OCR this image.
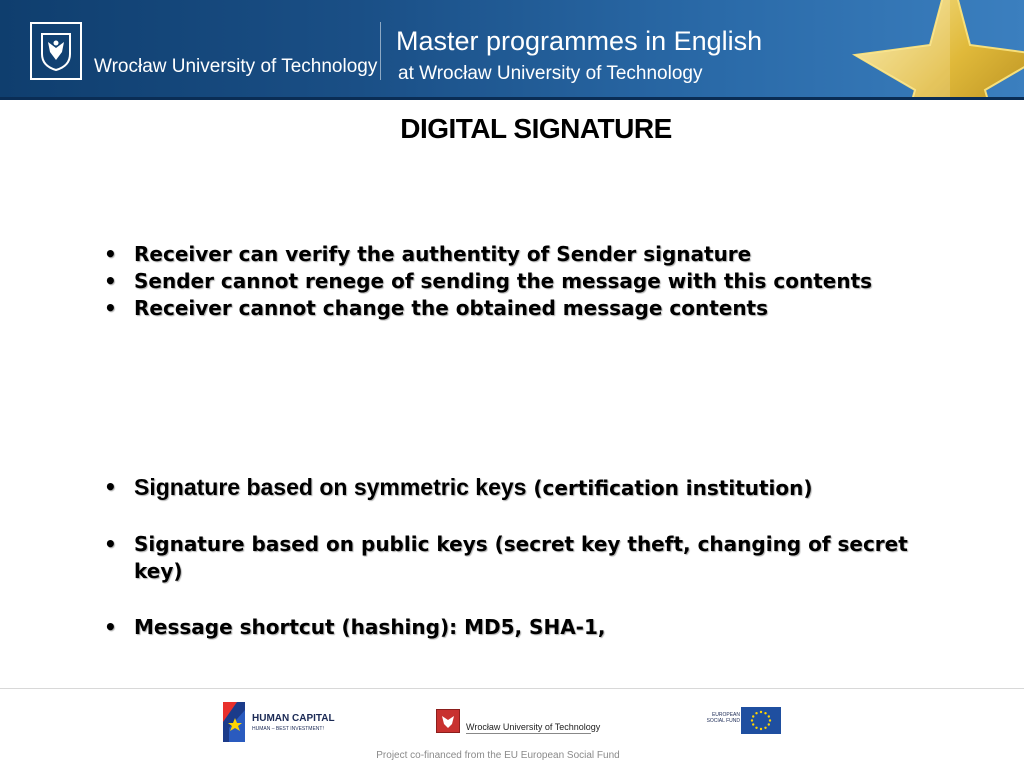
Wrocław University of Technology
Master programmes in English
at Wrocław University of Technology
DIGITAL SIGNATURE
• Receiver can verify the authentity of Sender signature
• Sender cannot renege of sending the message with this contents
• Receiver cannot change the obtained message contents
• Signature based on symmetric keys (certification institution)
• Signature based on public keys (secret key theft, changing of secret key)
• Message shortcut (hashing): MD5, SHA-1,
HUMAN CAPITAL
HUMAN – BEST INVESTMENT!	Wrocław University of Technology
EUROPEAN
SOCIAL FUND
Project co-financed from the EU European Social Fund
